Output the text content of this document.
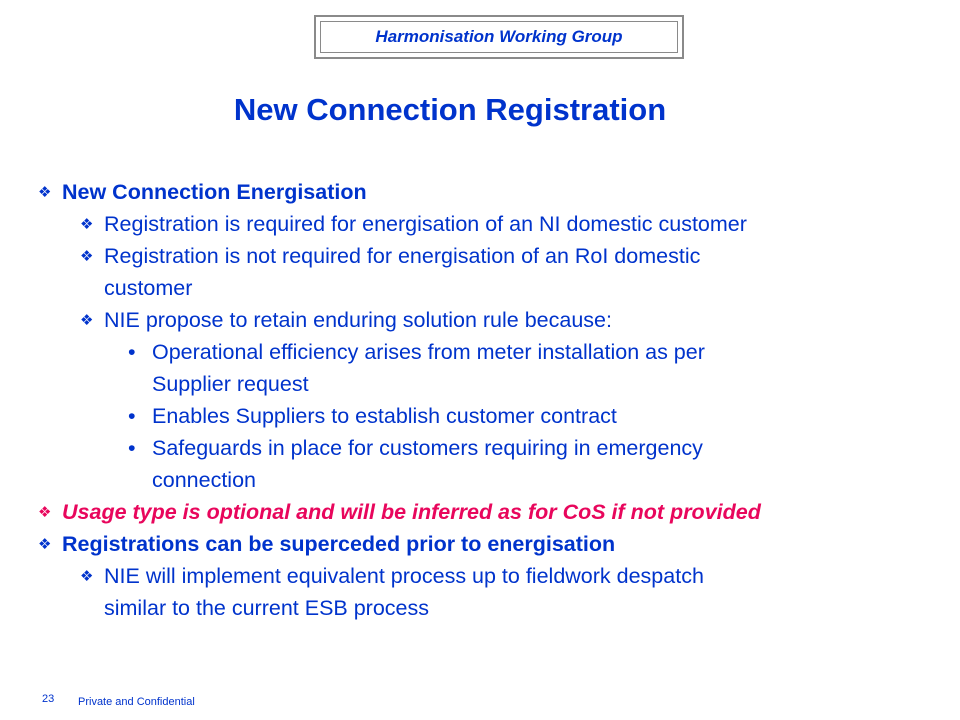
Harmonisation Working Group
New Connection Registration
❖ New Connection Energisation
❖ Registration is required for energisation of an NI domestic customer
❖ Registration is not required for energisation of an RoI domestic
customer
❖ NIE propose to retain enduring solution rule because:
• Operational efficiency arises from meter installation as per
Supplier request
• Enables Suppliers to establish customer contract
• Safeguards in place for customers requiring in emergency
connection
❖ Usage type is optional and will be inferred as for CoS if not provided
❖ Registrations can be superceded prior to energisation
❖ NIE will implement equivalent process up to fieldwork despatch
similar to the current ESB process
23 Private and Confidential
